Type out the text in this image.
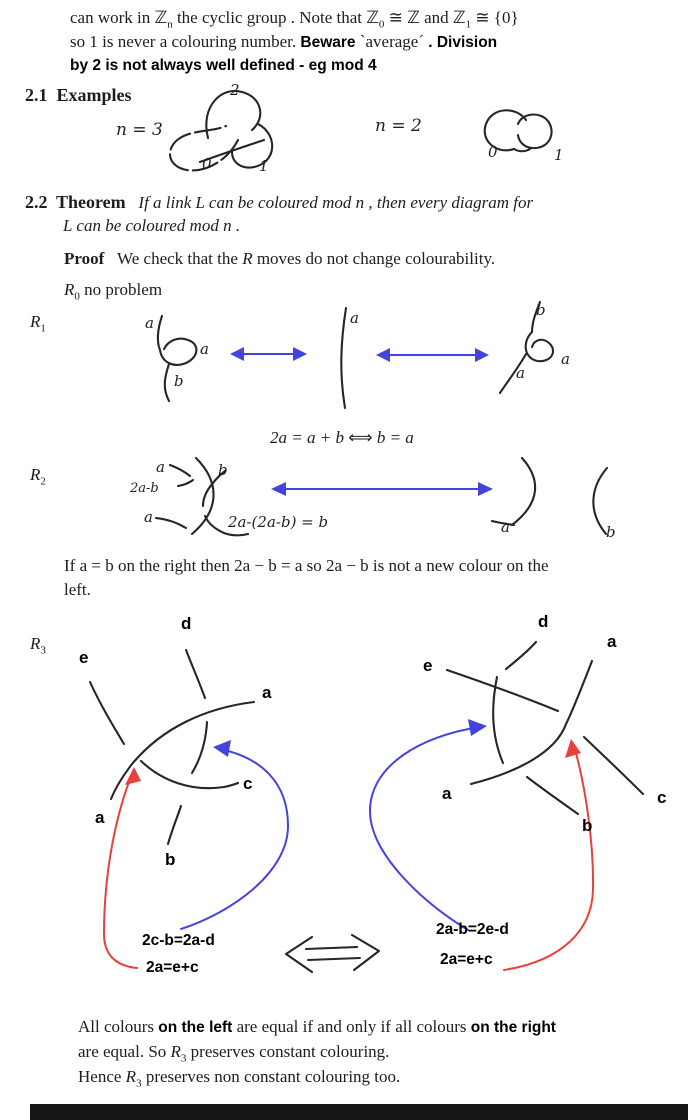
can work in ℤ$_n$ the cyclic group . Note that ℤ$_0$ ≅ ℤ and ℤ$_1$ ≅ {0}
so 1 is never a colouring number. Beware `average´ . Division
by 2 is not always well defined - eg mod 4
2.1 Examples
n = 3	n = 2
2
0	1
0	1
2.2 Theorem If a link L can be coloured mod n , then every diagram for
L can be coloured mod n .
Proof We check that the R moves do not change colourability.
$R_0$ no problem
$R_1$	a
a
b
a	b
a
a
2a = a + b ⟺ b = a
$R_2$
a	b
2a-b
a	2a-(2a-b) = b	a	b
If a = b on the right then 2a − b = a so 2a − b is not a new colour on the
left.
$R_3$
d
e
a
c
a
b
2c-b=2a-d
2a=e+c
d
a
e
a
b
c
2a-b=2e-d
2a=e+c
All colours on the left are equal if and only if all colours on the right
are equal. So $R_3$ preserves constant colouring.
Hence $R_3$ preserves non constant colouring too.
